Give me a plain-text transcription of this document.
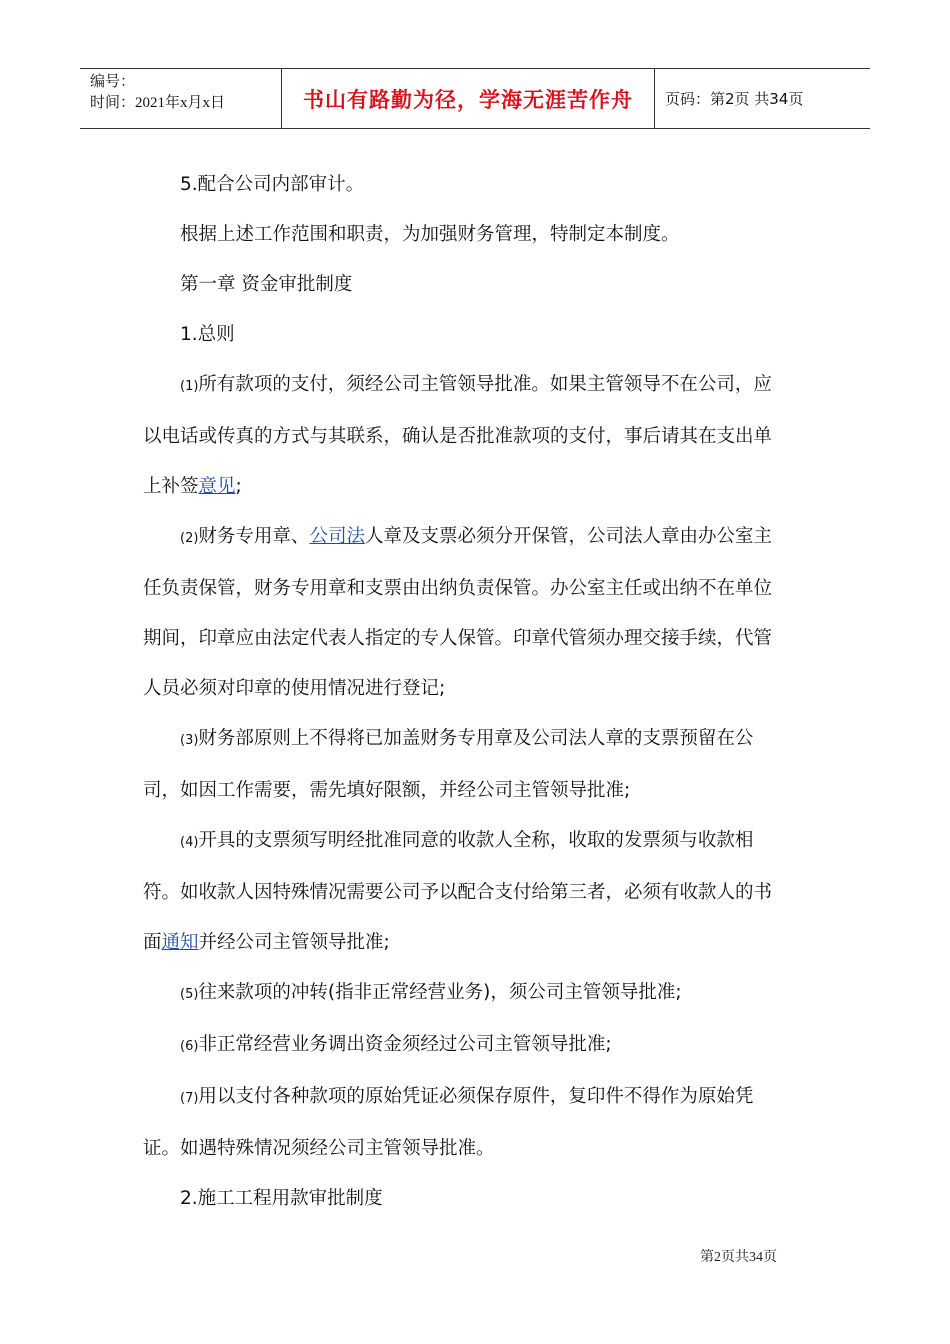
编号：
时间：2021年x月x日	书山有路勤为径，学海无涯苦作舟 页码：第2页 共34页

5.配合公司内部审计。

根据上述工作范围和职责，为加强财务管理，特制定本制度。

第一章 资金审批制度

1.总则

(1)所有款项的支付，须经公司主管领导批准。如果主管领导不在公司，应以电话或传真的方式与其联系，确认是否批准款项的支付，事后请其在支出单上补签意见;

(2)财务专用章、公司法人章及支票必须分开保管，公司法人章由办公室主任负责保管，财务专用章和支票由出纳负责保管。办公室主任或出纳不在单位期间，印章应由法定代表人指定的专人保管。印章代管须办理交接手续，代管人员必须对印章的使用情况进行登记;

(3)财务部原则上不得将已加盖财务专用章及公司法人章的支票预留在公司，如因工作需要，需先填好限额，并经公司主管领导批准;

(4)开具的支票须写明经批准同意的收款人全称，收取的发票须与收款相符。如收款人因特殊情况需要公司予以配合支付给第三者，必须有收款人的书面通知并经公司主管领导批准;

(5)往来款项的冲转(指非正常经营业务)，须公司主管领导批准;

(6)非正常经营业务调出资金须经过公司主管领导批准;

(7)用以支付各种款项的原始凭证必须保存原件，复印件不得作为原始凭证。如遇特殊情况须经公司主管领导批准。

2.施工工程用款审批制度

第2页共34页
